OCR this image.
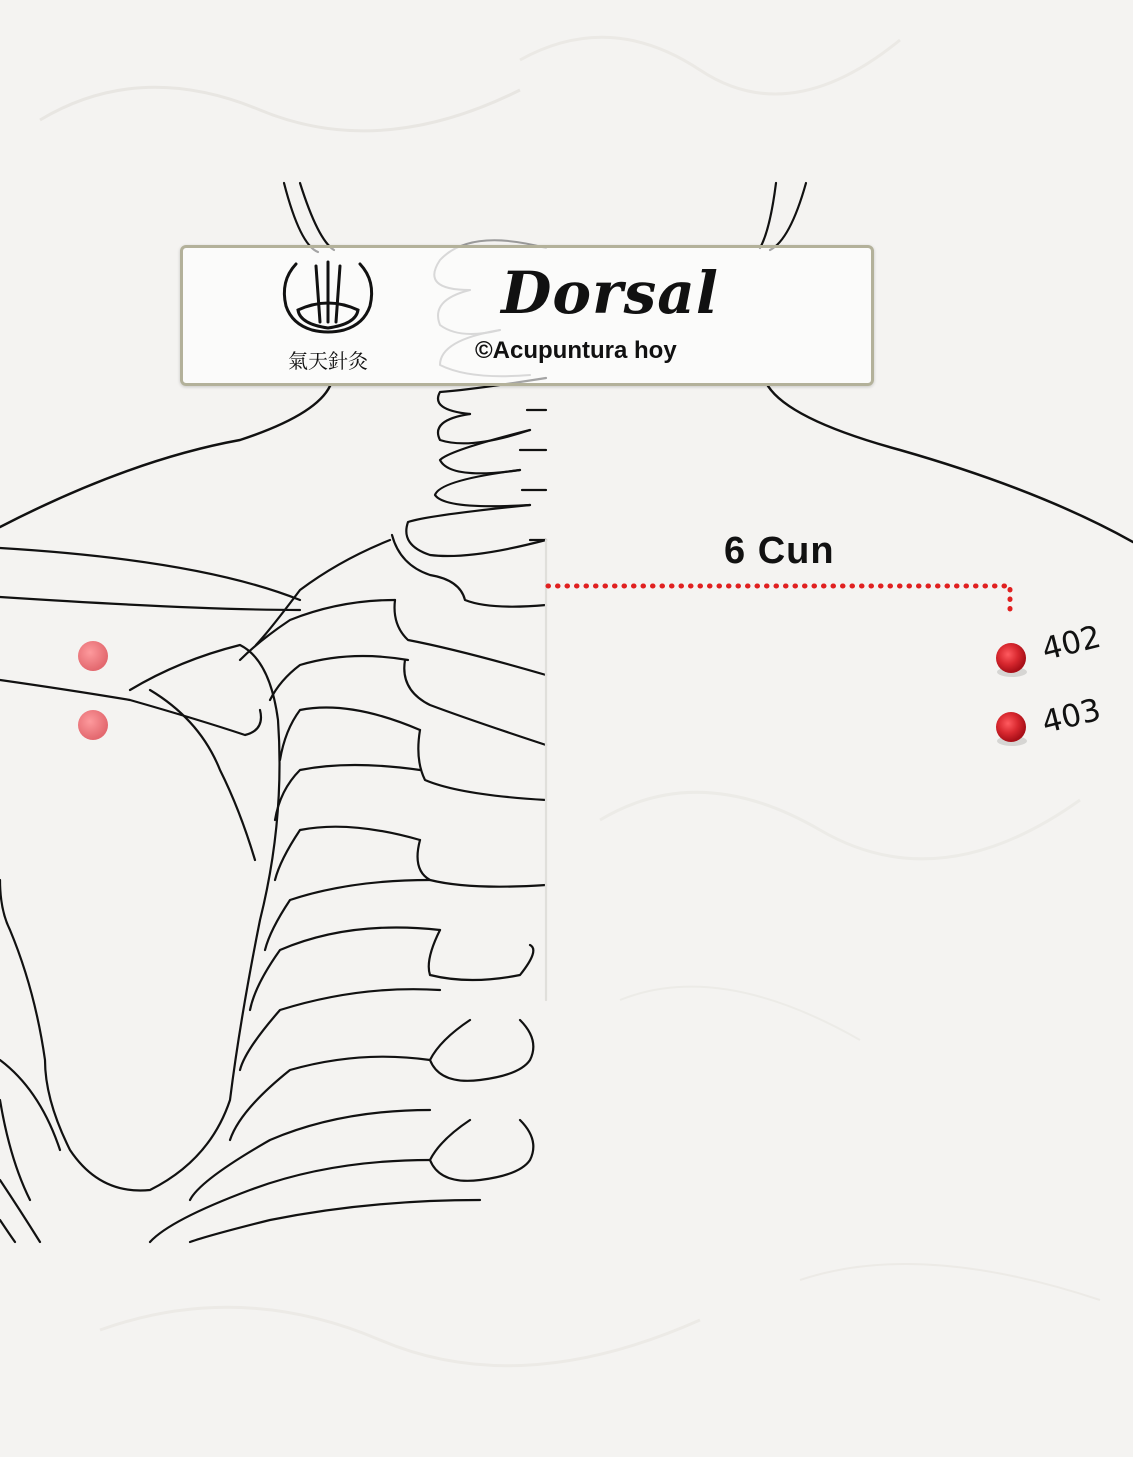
氣天針灸
Dorsal
©Acupuntura hoy
6 Cun
402
403
